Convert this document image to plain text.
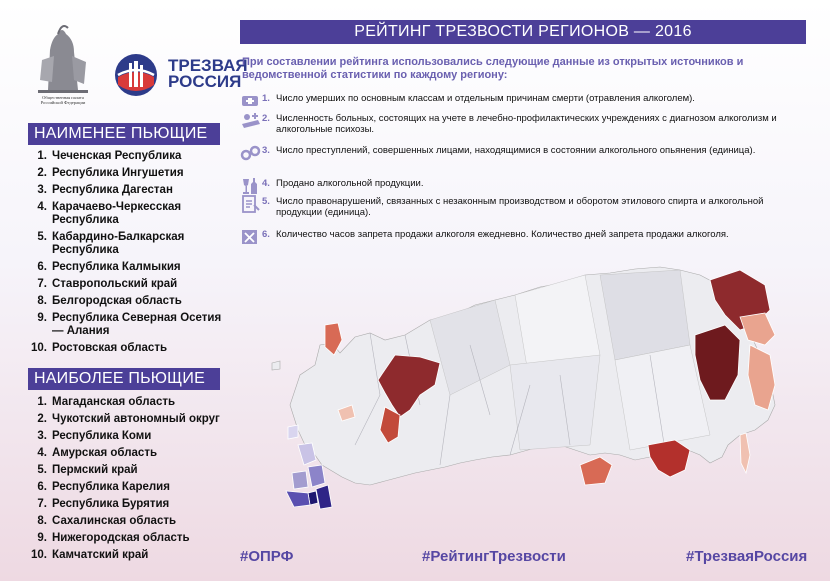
Общественная палата
Российской Федерации
ТРЕЗВАЯ
РОССИЯ
НАИМЕНЕЕ ПЬЮЩИЕ
1. Чеченская Республика
2. Республика Ингушетия
3. Республика Дагестан
4. Карачаево-Черкесская Республика
5. Кабардино-Балкарская Республика
6. Республика Калмыкия
7. Ставропольский край
8. Белгородская область
9. Республика Северная Осетия — Алания
10. Ростовская область
НАИБОЛЕЕ ПЬЮЩИЕ
1. Магаданская область
2. Чукотский автономный округ
3. Республика Коми
4. Амурская область
5. Пермский край
6. Республика Карелия
7. Республика Бурятия
8. Сахалинская область
9. Нижегородская область
10. Камчатский край
РЕЙТИНГ ТРЕЗВОСТИ РЕГИОНОВ — 2016
При составлении рейтинга использовались следующие данные из открытых источников и ведомственной статистики по каждому региону:
1. Число умерших по основным классам и отдельным причинам смерти (отравления алкоголем).
2. Численность больных, состоящих на учете в лечебно-профилактических учреждениях с диагнозом алкоголизм и алкогольные психозы.
3. Число преступлений, совершенных лицами, находящимися в состоянии алкогольного опьянения (единица).
4. Продано алкогольной продукции.
5. Число правонарушений, связанных с незаконным производством и оборотом этилового спирта и алкогольной продукции (единица).
6. Количество часов запрета продажи алкоголя ежедневно. Количество дней запрета продажи алкоголя.
#ОПРФ	#РейтингТрезвости	#ТрезваяРоссия
